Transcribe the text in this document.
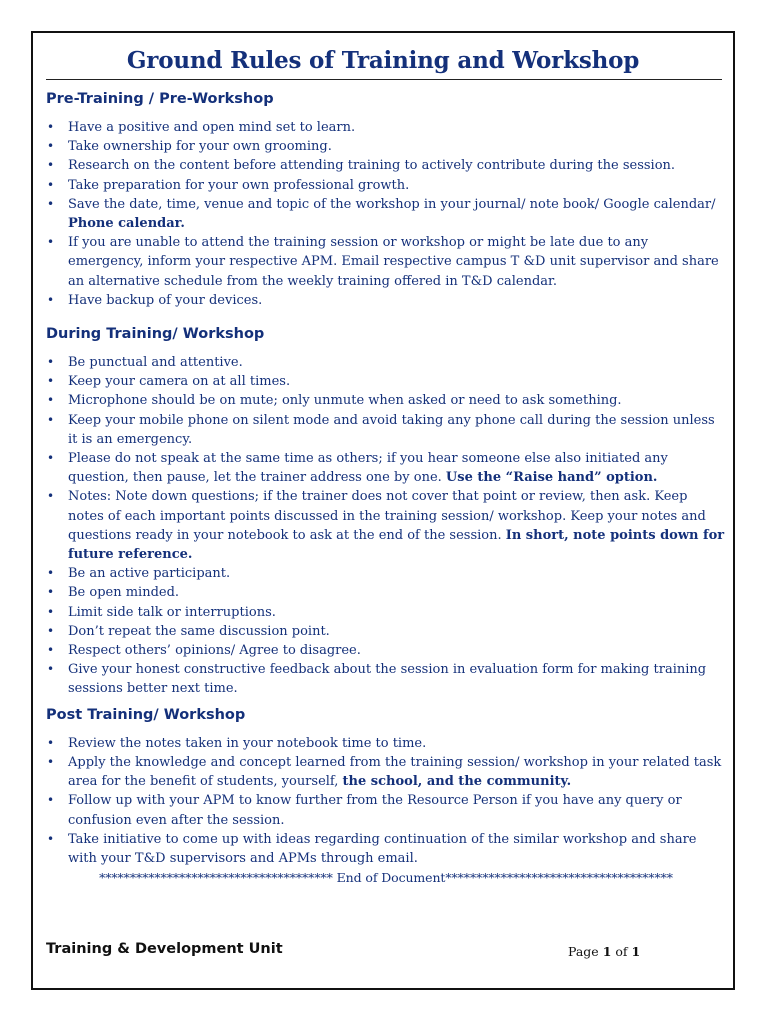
Ground Rules of Training and Workshop
Pre-Training / Pre-Workshop
• Have a positive and open mind set to learn.
• Take ownership for your own grooming.
• Research on the content before attending training to actively contribute during the session.
• Take preparation for your own professional growth.
• Save the date, time, venue and topic of the workshop in your journal/ note book/ Google calendar/ Phone calendar.
• If you are unable to attend the training session or workshop or might be late due to any emergency, inform your respective APM. Email respective campus T &D unit supervisor and share an alternative schedule from the weekly training offered in T&D calendar.
• Have backup of your devices.
During Training/ Workshop
• Be punctual and attentive.
• Keep your camera on at all times.
• Microphone should be on mute; only unmute when asked or need to ask something.
• Keep your mobile phone on silent mode and avoid taking any phone call during the session unless it is an emergency.
• Please do not speak at the same time as others; if you hear someone else also initiated any question, then pause, let the trainer address one by one. Use the “Raise hand” option.
• Notes: Note down questions; if the trainer does not cover that point or review, then ask. Keep notes of each important points discussed in the training session/ workshop. Keep your notes and questions ready in your notebook to ask at the end of the session. In short, note points down for future reference.
• Be an active participant.
• Be open minded.
• Limit side talk or interruptions.
• Don’t repeat the same discussion point.
• Respect others’ opinions/ Agree to disagree.
• Give your honest constructive feedback about the session in evaluation form for making training sessions better next time.
Post Training/ Workshop
• Review the notes taken in your notebook time to time.
• Apply the knowledge and concept learned from the training session/ workshop in your related task area for the benefit of students, yourself, the school, and the community.
• Follow up with your APM to know further from the Resource Person if you have any query or confusion even after the session.
• Take initiative to come up with ideas regarding continuation of the similar workshop and share with your T&D supervisors and APMs through email.
************************************** End of Document*************************************
Training & Development Unit	Page 1 of 1
